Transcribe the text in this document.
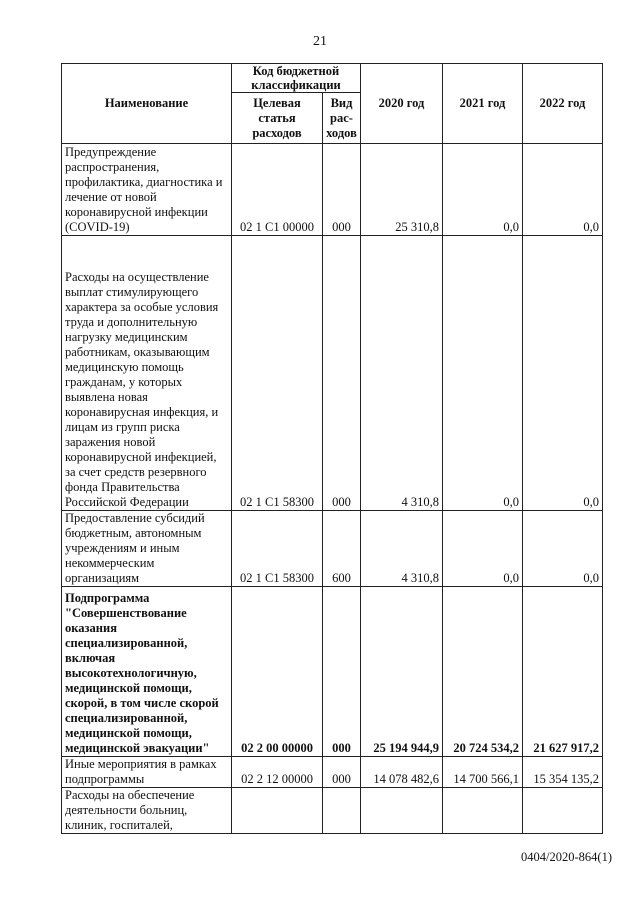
21
Наименование	Код бюджетной классификации		2020 год	2021 год	2022 год
	Целевая статья расходов	Вид рас-ходов			
Предупреждение распространения, профилактика, диагностика и лечение от новой коронавирусной инфекции (COVID-19)	02 1 C1 00000	000	25 310,8	0,0	0,0
Расходы на осуществление выплат стимулирующего характера за особые условия труда и дополнительную нагрузку медицинским работникам, оказывающим медицинскую помощь гражданам, у которых выявлена новая коронавирусная инфекция, и лицам из групп риска заражения новой коронавирусной инфекцией, за счет средств резервного фонда Правительства Российской Федерации	02 1 C1 58300	000	4 310,8	0,0	0,0
Предоставление субсидий бюджетным, автономным учреждениям и иным некоммерческим организациям	02 1 C1 58300	600	4 310,8	0,0	0,0
Подпрограмма "Совершенствование оказания специализированной, включая высокотехнологичную, медицинской помощи, скорой, в том числе скорой специализированной, медицинской помощи, медицинской эвакуации"	02 2 00 00000	000	25 194 944,9	20 724 534,2	21 627 917,2
Иные мероприятия в рамках подпрограммы	02 2 12 00000	000	14 078 482,6	14 700 566,1	15 354 135,2
Расходы на обеспечение деятельности больниц, клиник, госпиталей,					
0404/2020-864(1)
